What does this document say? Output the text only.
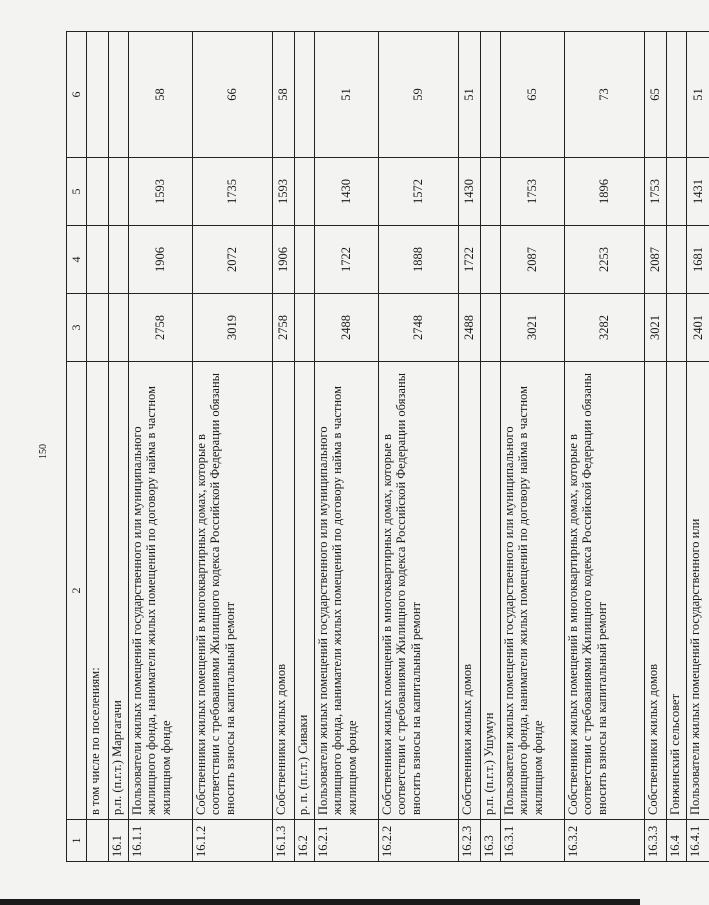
150
1	2	3	4	5	6
	в том числе по поселениям:				
16.1	р.п. (п.г.т.) Маргагачи				
16.1.1	Пользователи жилых помещений государственного или муниципального жилищного фонда, наниматели жилых помещений по договору найма в частном жилищном фонде	2758	1906	1593	58
16.1.2	Собственники жилых помещений в многоквартирных домах, которые в соответствии с требованиями Жилищного кодекса Российской Федерации обязаны вносить взносы на капитальный ремонт	3019	2072	1735	66
16.1.3	Собственники жилых домов	2758	1906	1593	58
16.2	р. п. (п.г.т.) Сиваки				
16.2.1	Пользователи жилых помещений государственного или муниципального жилищного фонда, наниматели жилых помещений по договору найма в частном жилищном фонде	2488	1722	1430	51
16.2.2	Собственники жилых помещений в многоквартирных домах, которые в соответствии с требованиями Жилищного кодекса Российской Федерации обязаны вносить взносы на капитальный ремонт	2748	1888	1572	59
16.2.3	Собственники жилых домов	2488	1722	1430	51
16.3	р.п. (п.г.т.) Ушумун				
16.3.1	Пользователи жилых помещений государственного или муниципального жилищного фонда, наниматели жилых помещений по договору найма в частном жилищном фонде	3021	2087	1753	65
16.3.2	Собственники жилых помещений в многоквартирных домах, которые в соответствии с требованиями Жилищного кодекса Российской Федерации обязаны вносить взносы на капитальный ремонт	3282	2253	1896	73
16.3.3	Собственники жилых домов	3021	2087	1753	65
16.4	Гонжинский сельсовет				
16.4.1	Пользователи жилых помещений государственного или	2401	1681	1431	51
